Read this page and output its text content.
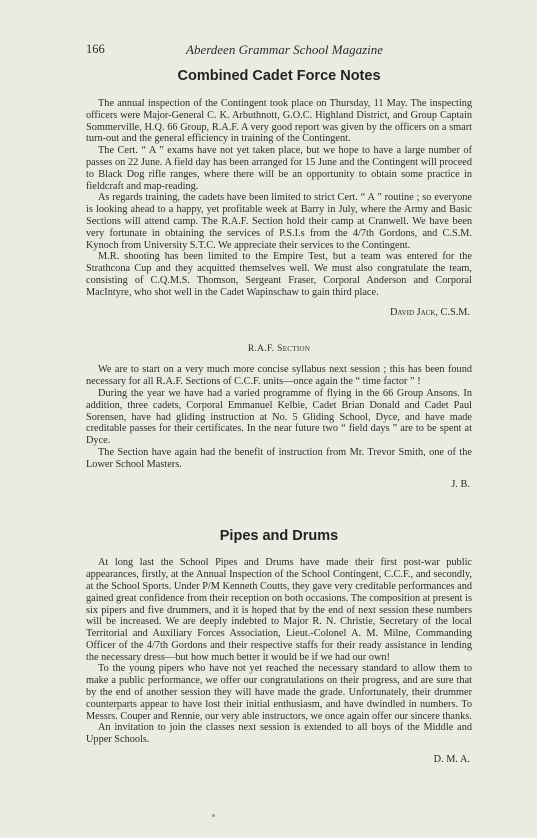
166	Aberdeen Grammar School Magazine
Combined Cadet Force Notes

The annual inspection of the Contingent took place on Thursday, 11 May. The inspecting officers were Major-General C. K. Arbuthnott, G.O.C. Highland District, and Group Captain Sommerville, H.Q. 66 Group, R.A.F. A very good report was given by the officers on a smart turn-out and the general efficiency in training of the Contingent.

The Cert. “ A ” exams have not yet taken place, but we hope to have a large number of passes on 22 June. A field day has been arranged for 15 June and the Contingent will proceed to Black Dog rifle ranges, where there will be an opportunity to obtain some practice in fieldcraft and map-reading.

As regards training, the cadets have been limited to strict Cert. “ A ” routine ; so everyone is looking ahead to a happy, yet profitable week at Barry in July, where the Army and Basic Sections will attend camp. The R.A.F. Section hold their camp at Cranwell. We have been very fortunate in obtaining the services of P.S.I.s from the 4/7th Gordons, and C.S.M. Kynoch from University S.T.C. We appreciate their services to the Contingent.

M.R. shooting has been limited to the Empire Test, but a team was entered for the Strathcona Cup and they acquitted themselves well. We must also congratulate the team, consisting of C.Q.M.S. Thomson, Sergeant Fraser, Corporal Anderson and Corporal MacIntyre, who shot well in the Cadet Wapinschaw to gain third place.

David Jack, C.S.M.
R.A.F. Section

We are to start on a very much more concise syllabus next session ; this has been found necessary for all R.A.F. Sections of C.C.F. units—once again the “ time factor ” !

During the year we have had a varied programme of flying in the 66 Group Ansons. In addition, three cadets, Corporal Emmanuel Kelbie, Cadet Brian Donald and Cadet Paul Sorensen, have had gliding instruction at No. 5 Gliding School, Dyce, and have made creditable passes for their certificates. In the near future two “ field days ” are to be spent at Dyce.

The Section have again had the benefit of instruction from Mr. Trevor Smith, one of the Lower School Masters.

J. B.
Pipes and Drums

At long last the School Pipes and Drums have made their first post-war public appearances, firstly, at the Annual Inspection of the School Contingent, C.C.F., and secondly, at the School Sports. Under P/M Kenneth Coutts, they gave very creditable performances and gained great confidence from their reception on both occasions. The composition at present is six pipers and five drummers, and it is hoped that by the end of next session these numbers will be increased. We are deeply indebted to Major R. N. Christie, Secretary of the local Territorial and Auxiliary Forces Association, Lieut.-Colonel A. M. Milne, Commanding Officer of the 4/7th Gordons and their respective staffs for their ready assistance in lending the necessary dress—but how much better it would be if we had our own!

To the young pipers who have not yet reached the necessary standard to allow them to make a public performance, we offer our congratulations on their progress, and are sure that by the end of another session they will have made the grade. Unfortunately, their drummer counterparts appear to have lost their initial enthusiasm, and have dwindled in numbers. To Messrs. Couper and Rennie, our very able instructors, we once again offer our sincere thanks.

An invitation to join the classes next session is extended to all boys of the Middle and Upper Schools.

D. M. A.
